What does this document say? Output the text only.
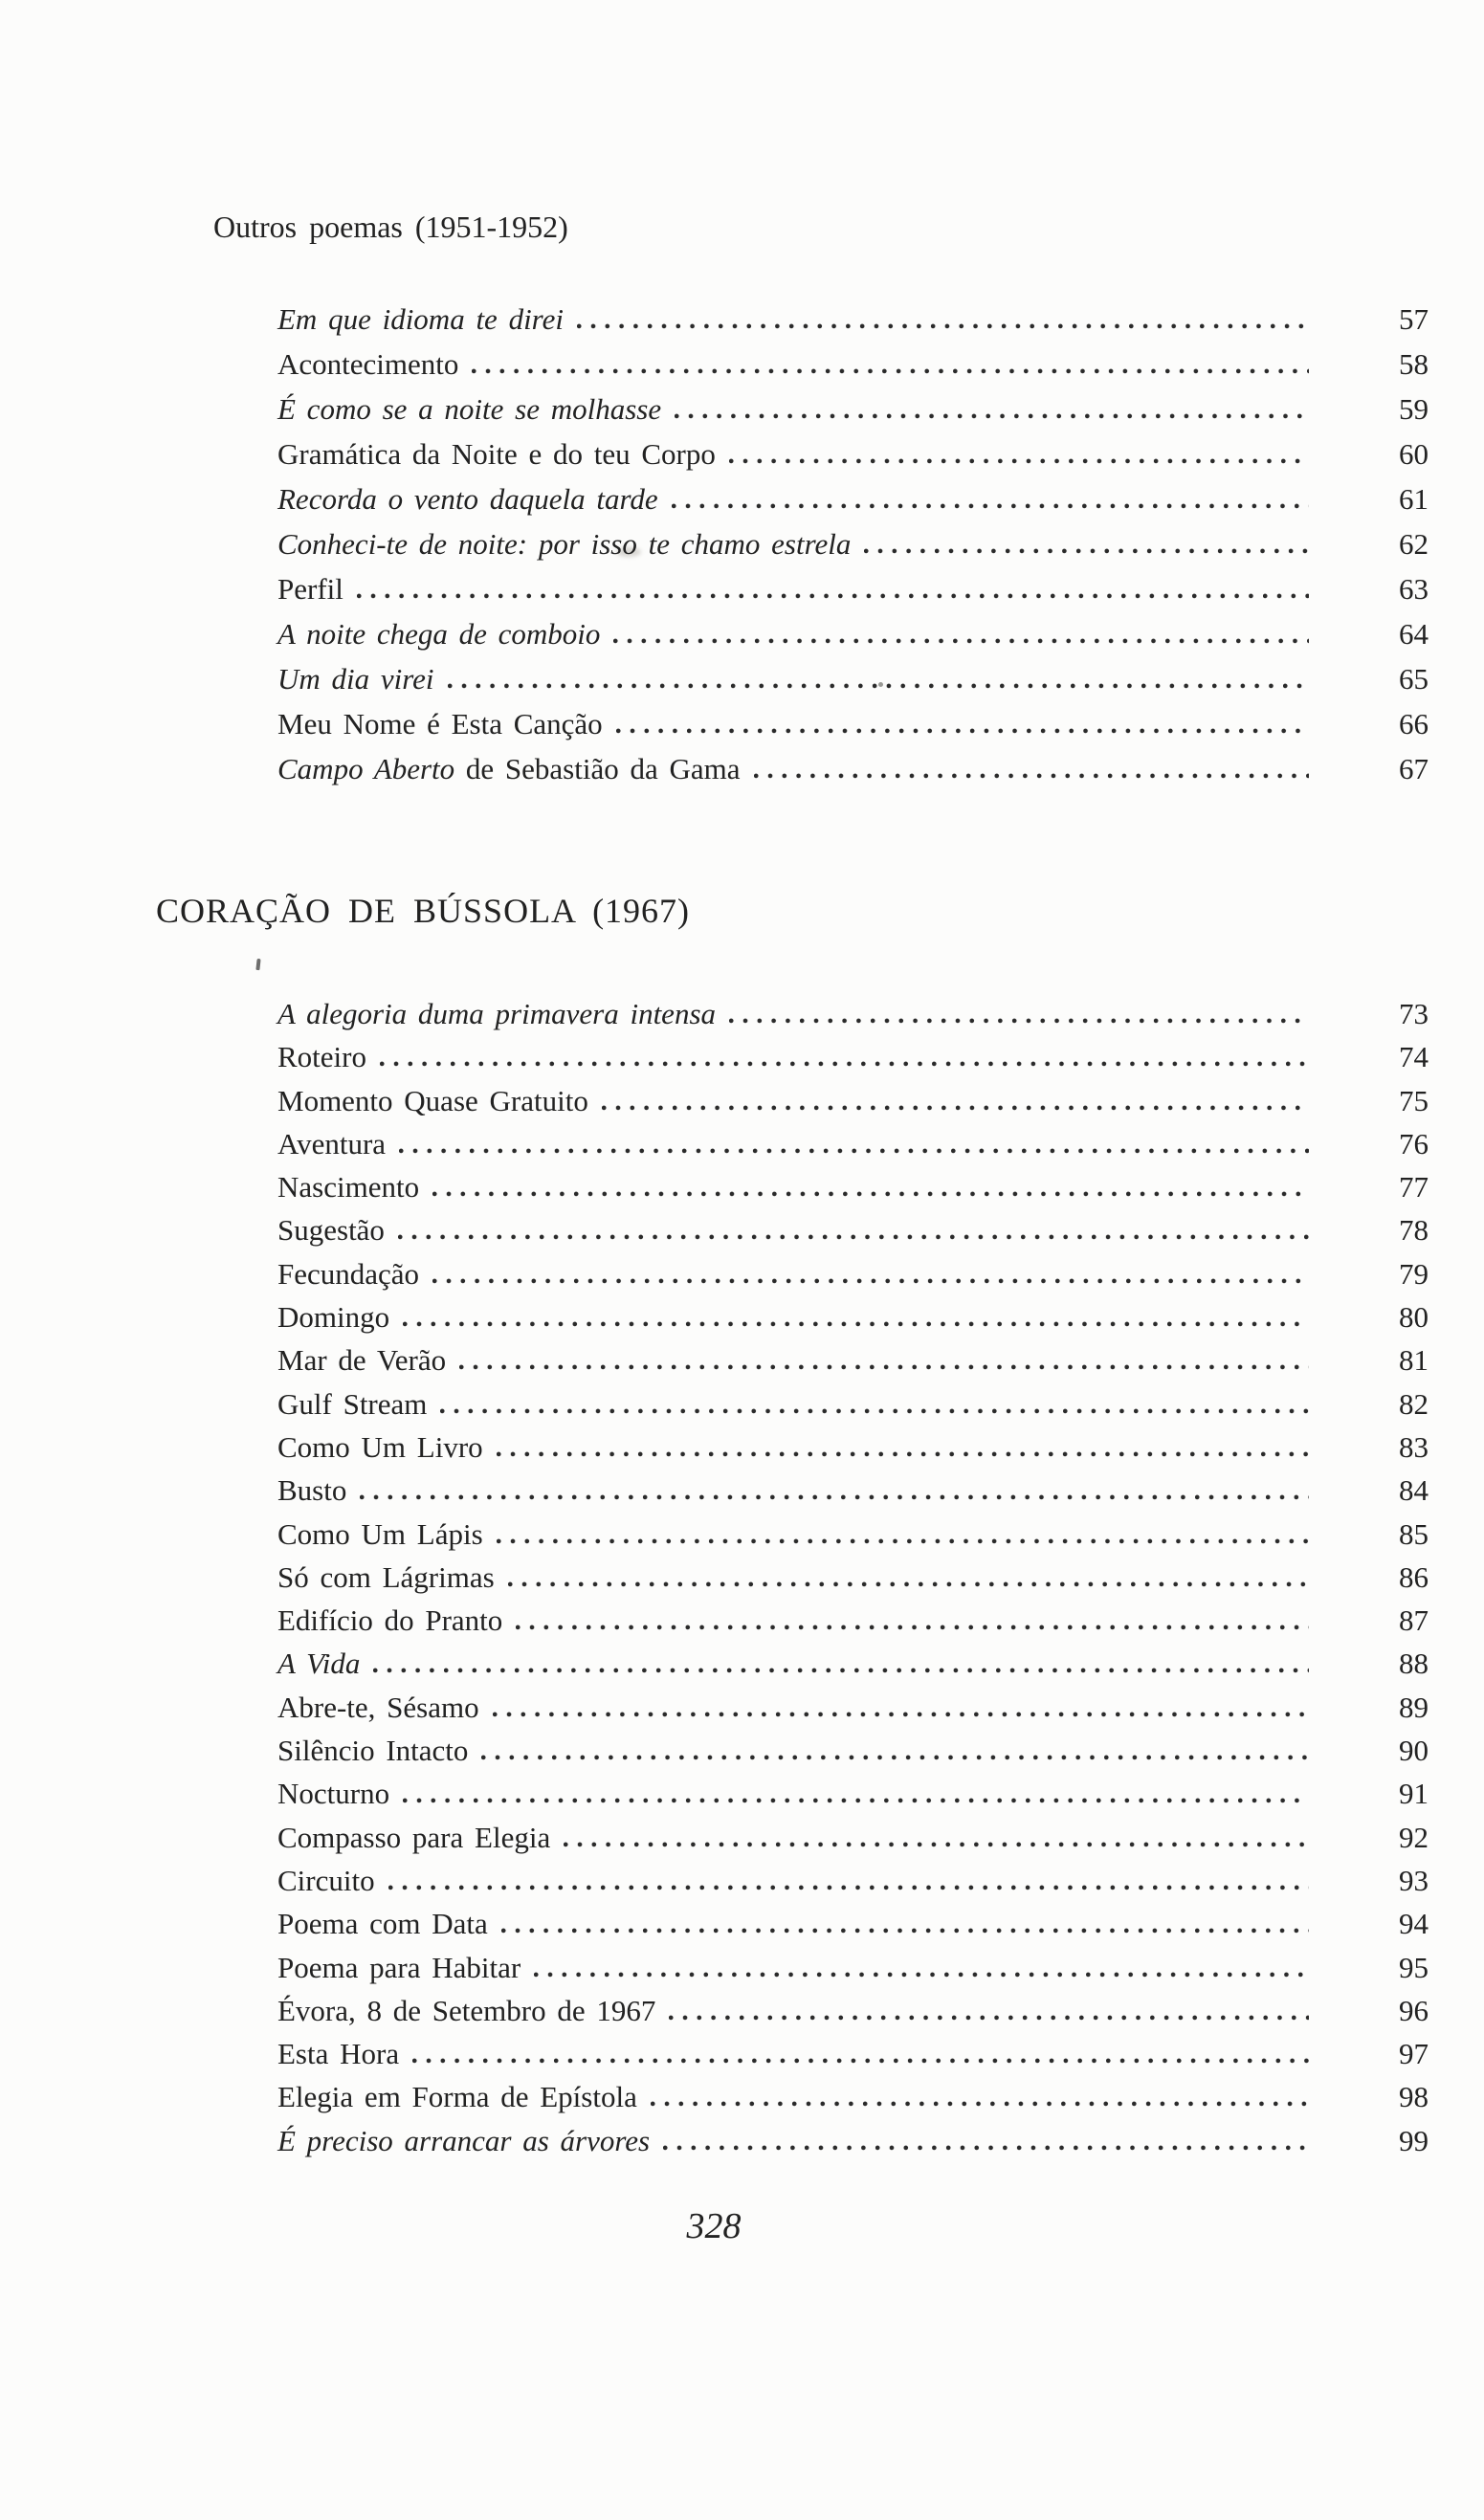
Outros poemas (1951-1952)
Em que idioma te direi	57
Acontecimento	58
É como se a noite se molhasse	59
Gramática da Noite e do teu Corpo	60
Recorda o vento daquela tarde	61
Conheci-te de noite: por isso te chamo estrela	62
Perfil	63
A noite chega de comboio	64
Um dia virei	65
Meu Nome é Esta Canção	66
Campo Aberto de Sebastião da Gama	67
CORAÇÃO DE BÚSSOLA (1967)
A alegoria duma primavera intensa	73
Roteiro	74
Momento Quase Gratuito	75
Aventura	76
Nascimento	77
Sugestão	78
Fecundação	79
Domingo	80
Mar de Verão	81
Gulf Stream	82
Como Um Livro	83
Busto	84
Como Um Lápis	85
Só com Lágrimas	86
Edifício do Pranto	87
A Vida	88
Abre-te, Sésamo	89
Silêncio Intacto	90
Nocturno	91
Compasso para Elegia	92
Circuito	93
Poema com Data	94
Poema para Habitar	95
Évora, 8 de Setembro de 1967	96
Esta Hora	97
Elegia em Forma de Epístola	98
É preciso arrancar as árvores	99
328
